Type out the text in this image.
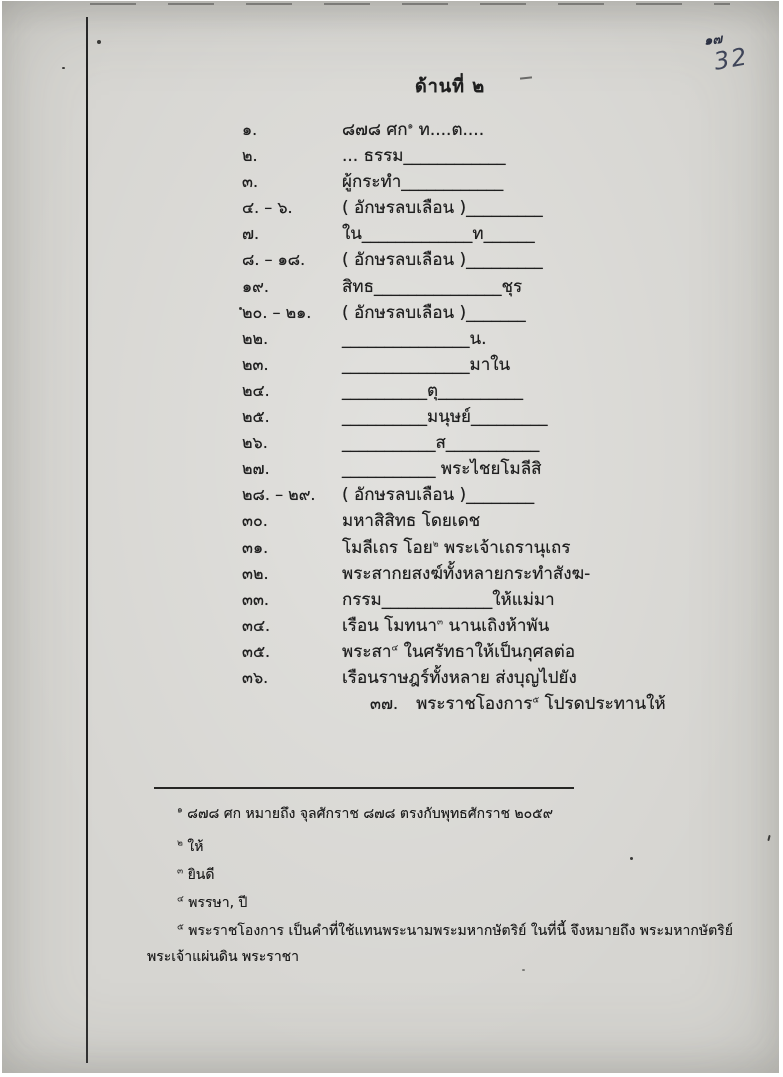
ด้านที่ ๒
๑๗
32
๑.	๘๗๘ ศก$^๑$ ท....ต....
๒.	... ธรรม____________
๓.	ผู้กระทำ____________
๔. – ๖.	( อักษรลบเลือน )_________
๗.	ใน_____________ท______
๘. – ๑๘.	( อักษรลบเลือน )_________
๑๙.	สิทธ_______________ชุร
๒๐. – ๒๑.	( อักษรลบเลือน )_______
๒๒.	_______________น.
๒๓.	_______________มาใน
๒๔.	__________ตุ__________
๒๕.	__________มนุษย์_________
๒๖.	___________ส___________
๒๗.	___________ พระไชยโมลีสิ
๒๘. – ๒๙.	( อักษรลบเลือน )________
๓๐.	มหาสิสิทธ โดยเดช
๓๑.	โมลีเถร โอย$^๒$ พระเจ้าเถรานุเถร
๓๒.	พระสากยสงฆ์ทั้งหลายกระทำสังฆ-
๓๓.	กรรม_____________ให้แม่มา
๓๔.	เรือน โมทนา$^๓$ นานเถิงห้าพัน
๓๕.	พระสา$^๔$ ในศรัทธาให้เป็นกุศลต่อ
๓๖.	เรือนราษฎร์ทั้งหลาย ส่งบุญไปยัง
๓๗.	พระราชโองการ$^๕$ โปรดประทานให้
$^๑$ ๘๗๘ ศก หมายถึง จุลศักราช ๘๗๘ ตรงกับพุทธศักราช ๒๐๕๙
$^๒$ ให้
$^๓$ ยินดี
$^๔$ พรรษา, ปี
$^๕$ พระราชโองการ เป็นคำที่ใช้แทนพระนามพระมหากษัตริย์ ในที่นี้ จึงหมายถึง พระมหากษัตริย์ พระเจ้าแผ่นดิน พระราชา
